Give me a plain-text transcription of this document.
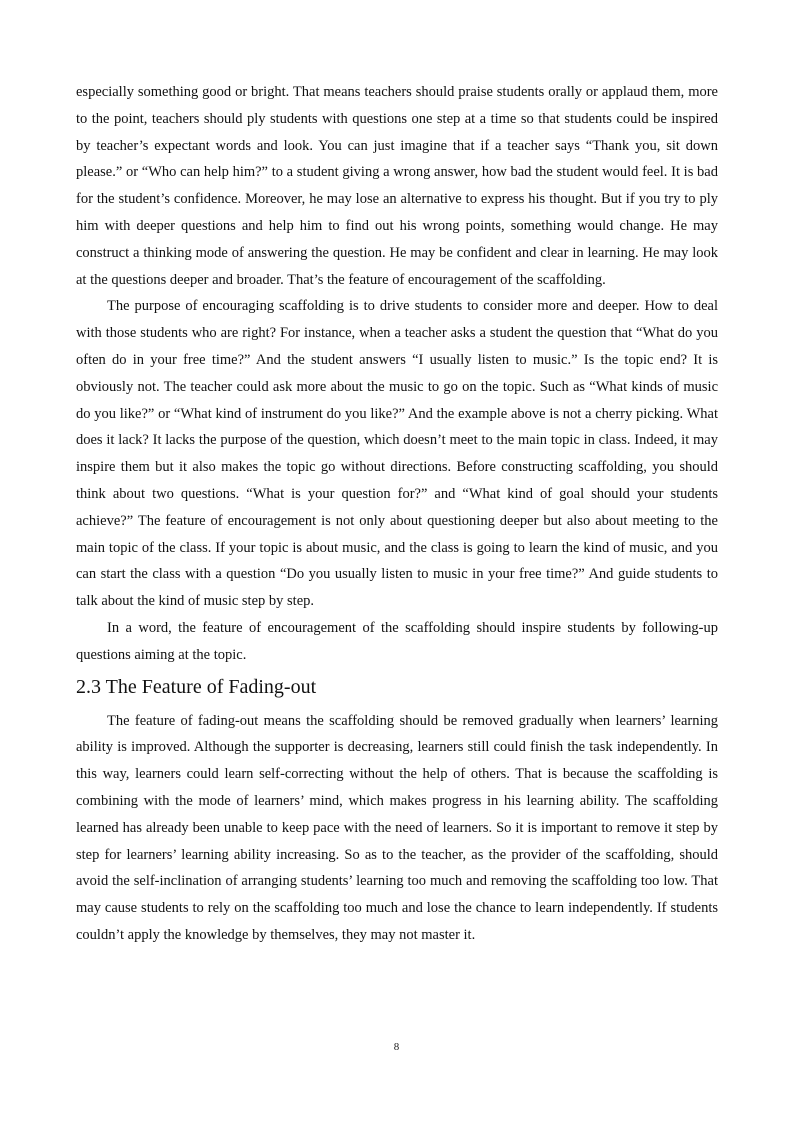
especially something good or bright. That means teachers should praise students orally or applaud them, more to the point, teachers should ply students with questions one step at a time so that students could be inspired by teacher’s expectant words and look. You can just imagine that if a teacher says “Thank you, sit down please.” or “Who can help him?” to a student giving a wrong answer, how bad the student would feel. It is bad for the student’s confidence. Moreover, he may lose an alternative to express his thought. But if you try to ply him with deeper questions and help him to find out his wrong points, something would change. He may construct a thinking mode of answering the question. He may be confident and clear in learning. He may look at the questions deeper and broader. That’s the feature of encouragement of the scaffolding.

The purpose of encouraging scaffolding is to drive students to consider more and deeper. How to deal with those students who are right? For instance, when a teacher asks a student the question that “What do you often do in your free time?” And the student answers “I usually listen to music.” Is the topic end? It is obviously not. The teacher could ask more about the music to go on the topic. Such as “What kinds of music do you like?” or “What kind of instrument do you like?” And the example above is not a cherry picking. What does it lack? It lacks the purpose of the question, which doesn’t meet to the main topic in class. Indeed, it may inspire them but it also makes the topic go without directions. Before constructing scaffolding, you should think about two questions. “What is your question for?” and “What kind of goal should your students achieve?” The feature of encouragement is not only about questioning deeper but also about meeting to the main topic of the class. If your topic is about music, and the class is going to learn the kind of music, and you can start the class with a question “Do you usually listen to music in your free time?” And guide students to talk about the kind of music step by step.

In a word, the feature of encouragement of the scaffolding should inspire students by following-up questions aiming at the topic.

2.3 The Feature of Fading-out

The feature of fading-out means the scaffolding should be removed gradually when learners’ learning ability is improved. Although the supporter is decreasing, learners still could finish the task independently. In this way, learners could learn self-correcting without the help of others. That is because the scaffolding is combining with the mode of learners’ mind, which makes progress in his learning ability. The scaffolding learned has already been unable to keep pace with the need of learners. So it is important to remove it step by step for learners’ learning ability increasing. So as to the teacher, as the provider of the scaffolding, should avoid the self-inclination of arranging students’ learning too much and removing the scaffolding too low. That may cause students to rely on the scaffolding too much and lose the chance to learn independently. If students couldn’t apply the knowledge by themselves, they may not master it.

8
